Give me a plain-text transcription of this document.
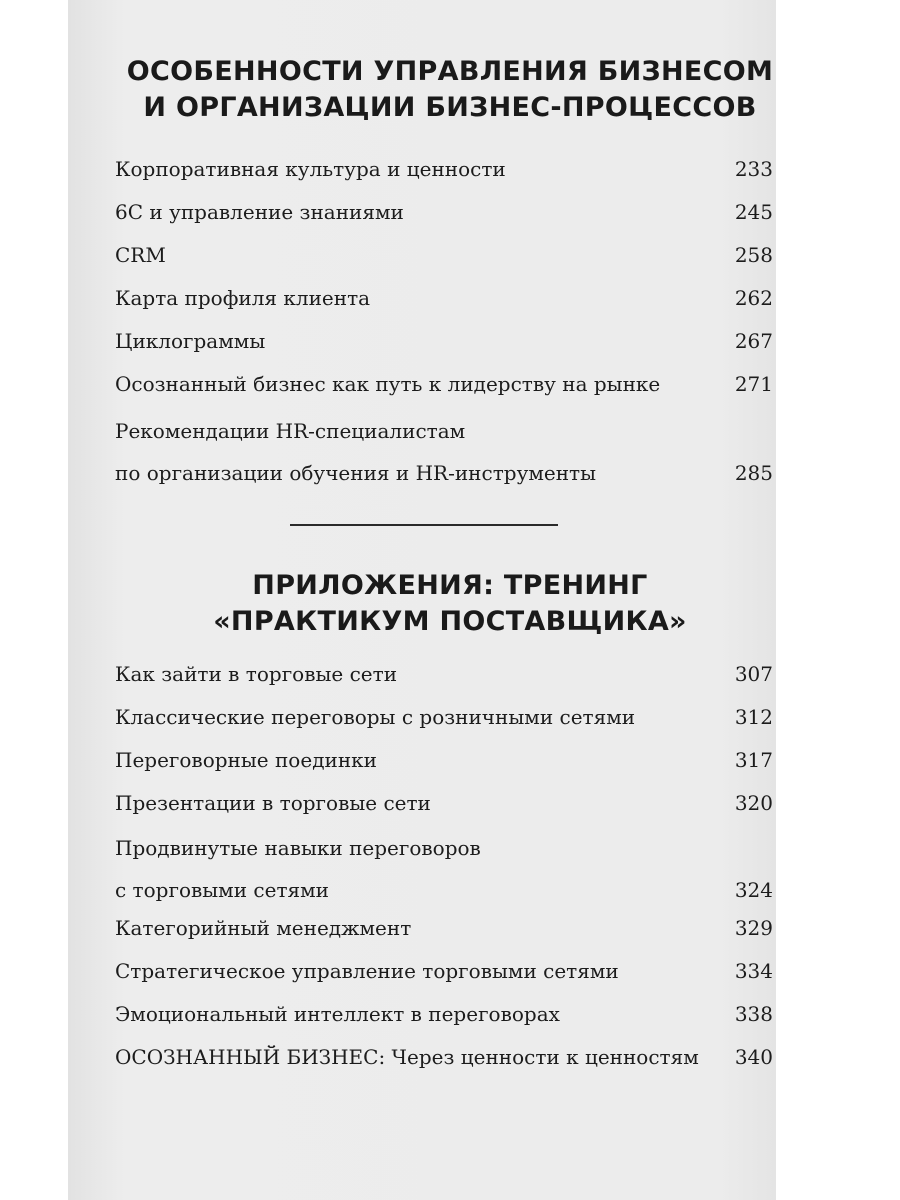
ОСОБЕННОСТИ УПРАВЛЕНИЯ БИЗНЕСОМ
И ОРГАНИЗАЦИИ БИЗНЕС-ПРОЦЕССОВ
Корпоративная культура и ценности	233
6С и управление знаниями	245
CRM	258
Карта профиля клиента	262
Циклограммы	267
Осознанный бизнес как путь к лидерству на рынке	271
Рекомендации HR-специалистам
по организации обучения и HR-инструменты	285
ПРИЛОЖЕНИЯ: ТРЕНИНГ
«ПРАКТИКУМ ПОСТАВЩИКА»
Как зайти в торговые сети	307
Классические переговоры с розничными сетями	312
Переговорные поединки	317
Презентации в торговые сети	320
Продвинутые навыки переговоров
с торговыми сетями	324
Категорийный менеджмент	329
Стратегическое управление торговыми сетями	334
Эмоциональный интеллект в переговорах	338
ОСОЗНАННЫЙ БИЗНЕС: Через ценности к ценностям 340
